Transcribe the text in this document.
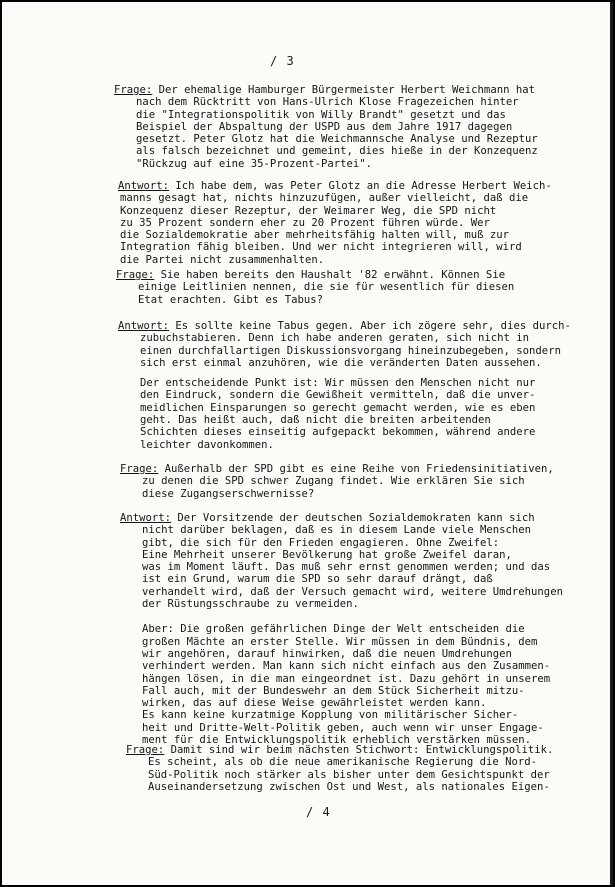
/ 3
Frage: Der ehemalige Hamburger Bürgermeister Herbert Weichmann hat
nach dem Rücktritt von Hans-Ulrich Klose Fragezeichen hinter
die "Integrationspolitik von Willy Brandt" gesetzt und das
Beispiel der Abspaltung der USPD aus dem Jahre 1917 dagegen
gesetzt. Peter Glotz hat die Weichmannsche Analyse und Rezeptur
als falsch bezeichnet und gemeint, dies hieße in der Konzequenz
"Rückzug auf eine 35-Prozent-Partei".
Antwort: Ich habe dem, was Peter Glotz an die Adresse Herbert Weich-
manns gesagt hat, nichts hinzuzufügen, außer vielleicht, daß die
Konzequenz dieser Rezeptur, der Weimarer Weg, die SPD nicht
zu 35 Prozent sondern eher zu 20 Prozent führen würde. Wer
die Sozialdemokratie aber mehrheitsfähig halten will, muß zur
Integration fähig bleiben. Und wer nicht integrieren will, wird
die Partei nicht zusammenhalten.
Frage: Sie haben bereits den Haushalt '82 erwähnt. Können Sie
einige Leitlinien nennen, die sie für wesentlich für diesen
Etat erachten. Gibt es Tabus?
Antwort: Es sollte keine Tabus gegen. Aber ich zögere sehr, dies durch-
zubuchstabieren. Denn ich habe anderen geraten, sich nicht in
einen durchfallartigen Diskussionsvorgang hineinzubegeben, sondern
sich erst einmal anzuhören, wie die veränderten Daten aussehen.
Der entscheidende Punkt ist: Wir müssen den Menschen nicht nur
den Eindruck, sondern die Gewißheit vermitteln, daß die unver-
meidlichen Einsparungen so gerecht gemacht werden, wie es eben
geht. Das heißt auch, daß nicht die breiten arbeitenden
Schichten dieses einseitig aufgepackt bekommen, während andere
leichter davonkommen.
Frage: Außerhalb der SPD gibt es eine Reihe von Friedensinitiativen,
zu denen die SPD schwer Zugang findet. Wie erklären Sie sich
diese Zugangserschwernisse?
Antwort: Der Vorsitzende der deutschen Sozialdemokraten kann sich
nicht darüber beklagen, daß es in diesem Lande viele Menschen
gibt, die sich für den Frieden engagieren. Ohne Zweifel:
Eine Mehrheit unserer Bevölkerung hat große Zweifel daran,
was im Moment läuft. Das muß sehr ernst genommen werden; und das
ist ein Grund, warum die SPD so sehr darauf drängt, daß
verhandelt wird, daß der Versuch gemacht wird, weitere Umdrehungen
der Rüstungsschraube zu vermeiden.
Aber: Die großen gefährlichen Dinge der Welt entscheiden die
großen Mächte an erster Stelle. Wir müssen in dem Bündnis, dem
wir angehören, darauf hinwirken, daß die neuen Umdrehungen
verhindert werden. Man kann sich nicht einfach aus den Zusammen-
hängen lösen, in die man eingeordnet ist. Dazu gehört in unserem
Fall auch, mit der Bundeswehr an dem Stück Sicherheit mitzu-
wirken, das auf diese Weise gewährleistet werden kann.
Es kann keine kurzatmige Kopplung von militärischer Sicher-
heit und Dritte-Welt-Politik geben, auch wenn wir unser Engage-
ment für die Entwicklungspolitik erheblich verstärken müssen.
Frage: Damit sind wir beim nächsten Stichwort: Entwicklungspolitik.
Es scheint, als ob die neue amerikanische Regierung die Nord-
Süd-Politik noch stärker als bisher unter dem Gesichtspunkt der
Auseinandersetzung zwischen Ost und West, als nationales Eigen-
/ 4
